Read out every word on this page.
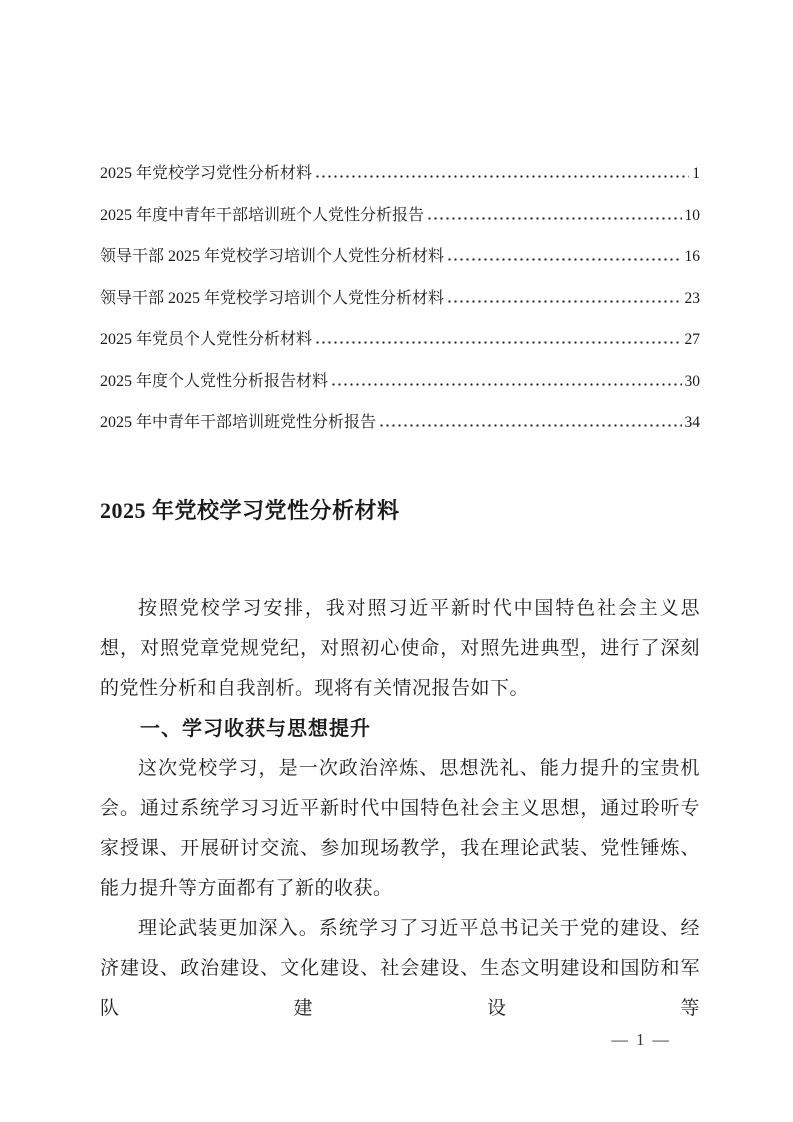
2025 年党校学习党性分析材料	1
2025 年度中青年干部培训班个人党性分析报告	10
领导干部 2025 年党校学习培训个人党性分析材料	16
领导干部 2025 年党校学习培训个人党性分析材料	23
2025 年党员个人党性分析材料	27
2025 年度个人党性分析报告材料	30
2025 年中青年干部培训班党性分析报告	34
2025 年党校学习党性分析材料

按照党校学习安排，我对照习近平新时代中国特色社会主义思想，对照党章党规党纪，对照初心使命，对照先进典型，进行了深刻的党性分析和自我剖析。现将有关情况报告如下。

一、学习收获与思想提升

这次党校学习，是一次政治淬炼、思想洗礼、能力提升的宝贵机会。通过系统学习习近平新时代中国特色社会主义思想，通过聆听专家授课、开展研讨交流、参加现场教学，我在理论武装、党性锤炼、能力提升等方面都有了新的收获。

理论武装更加深入。系统学习了习近平总书记关于党的建设、经济建设、政治建设、文化建设、社会建设、生态文明建设和国防和军队建设等

— 1 —
